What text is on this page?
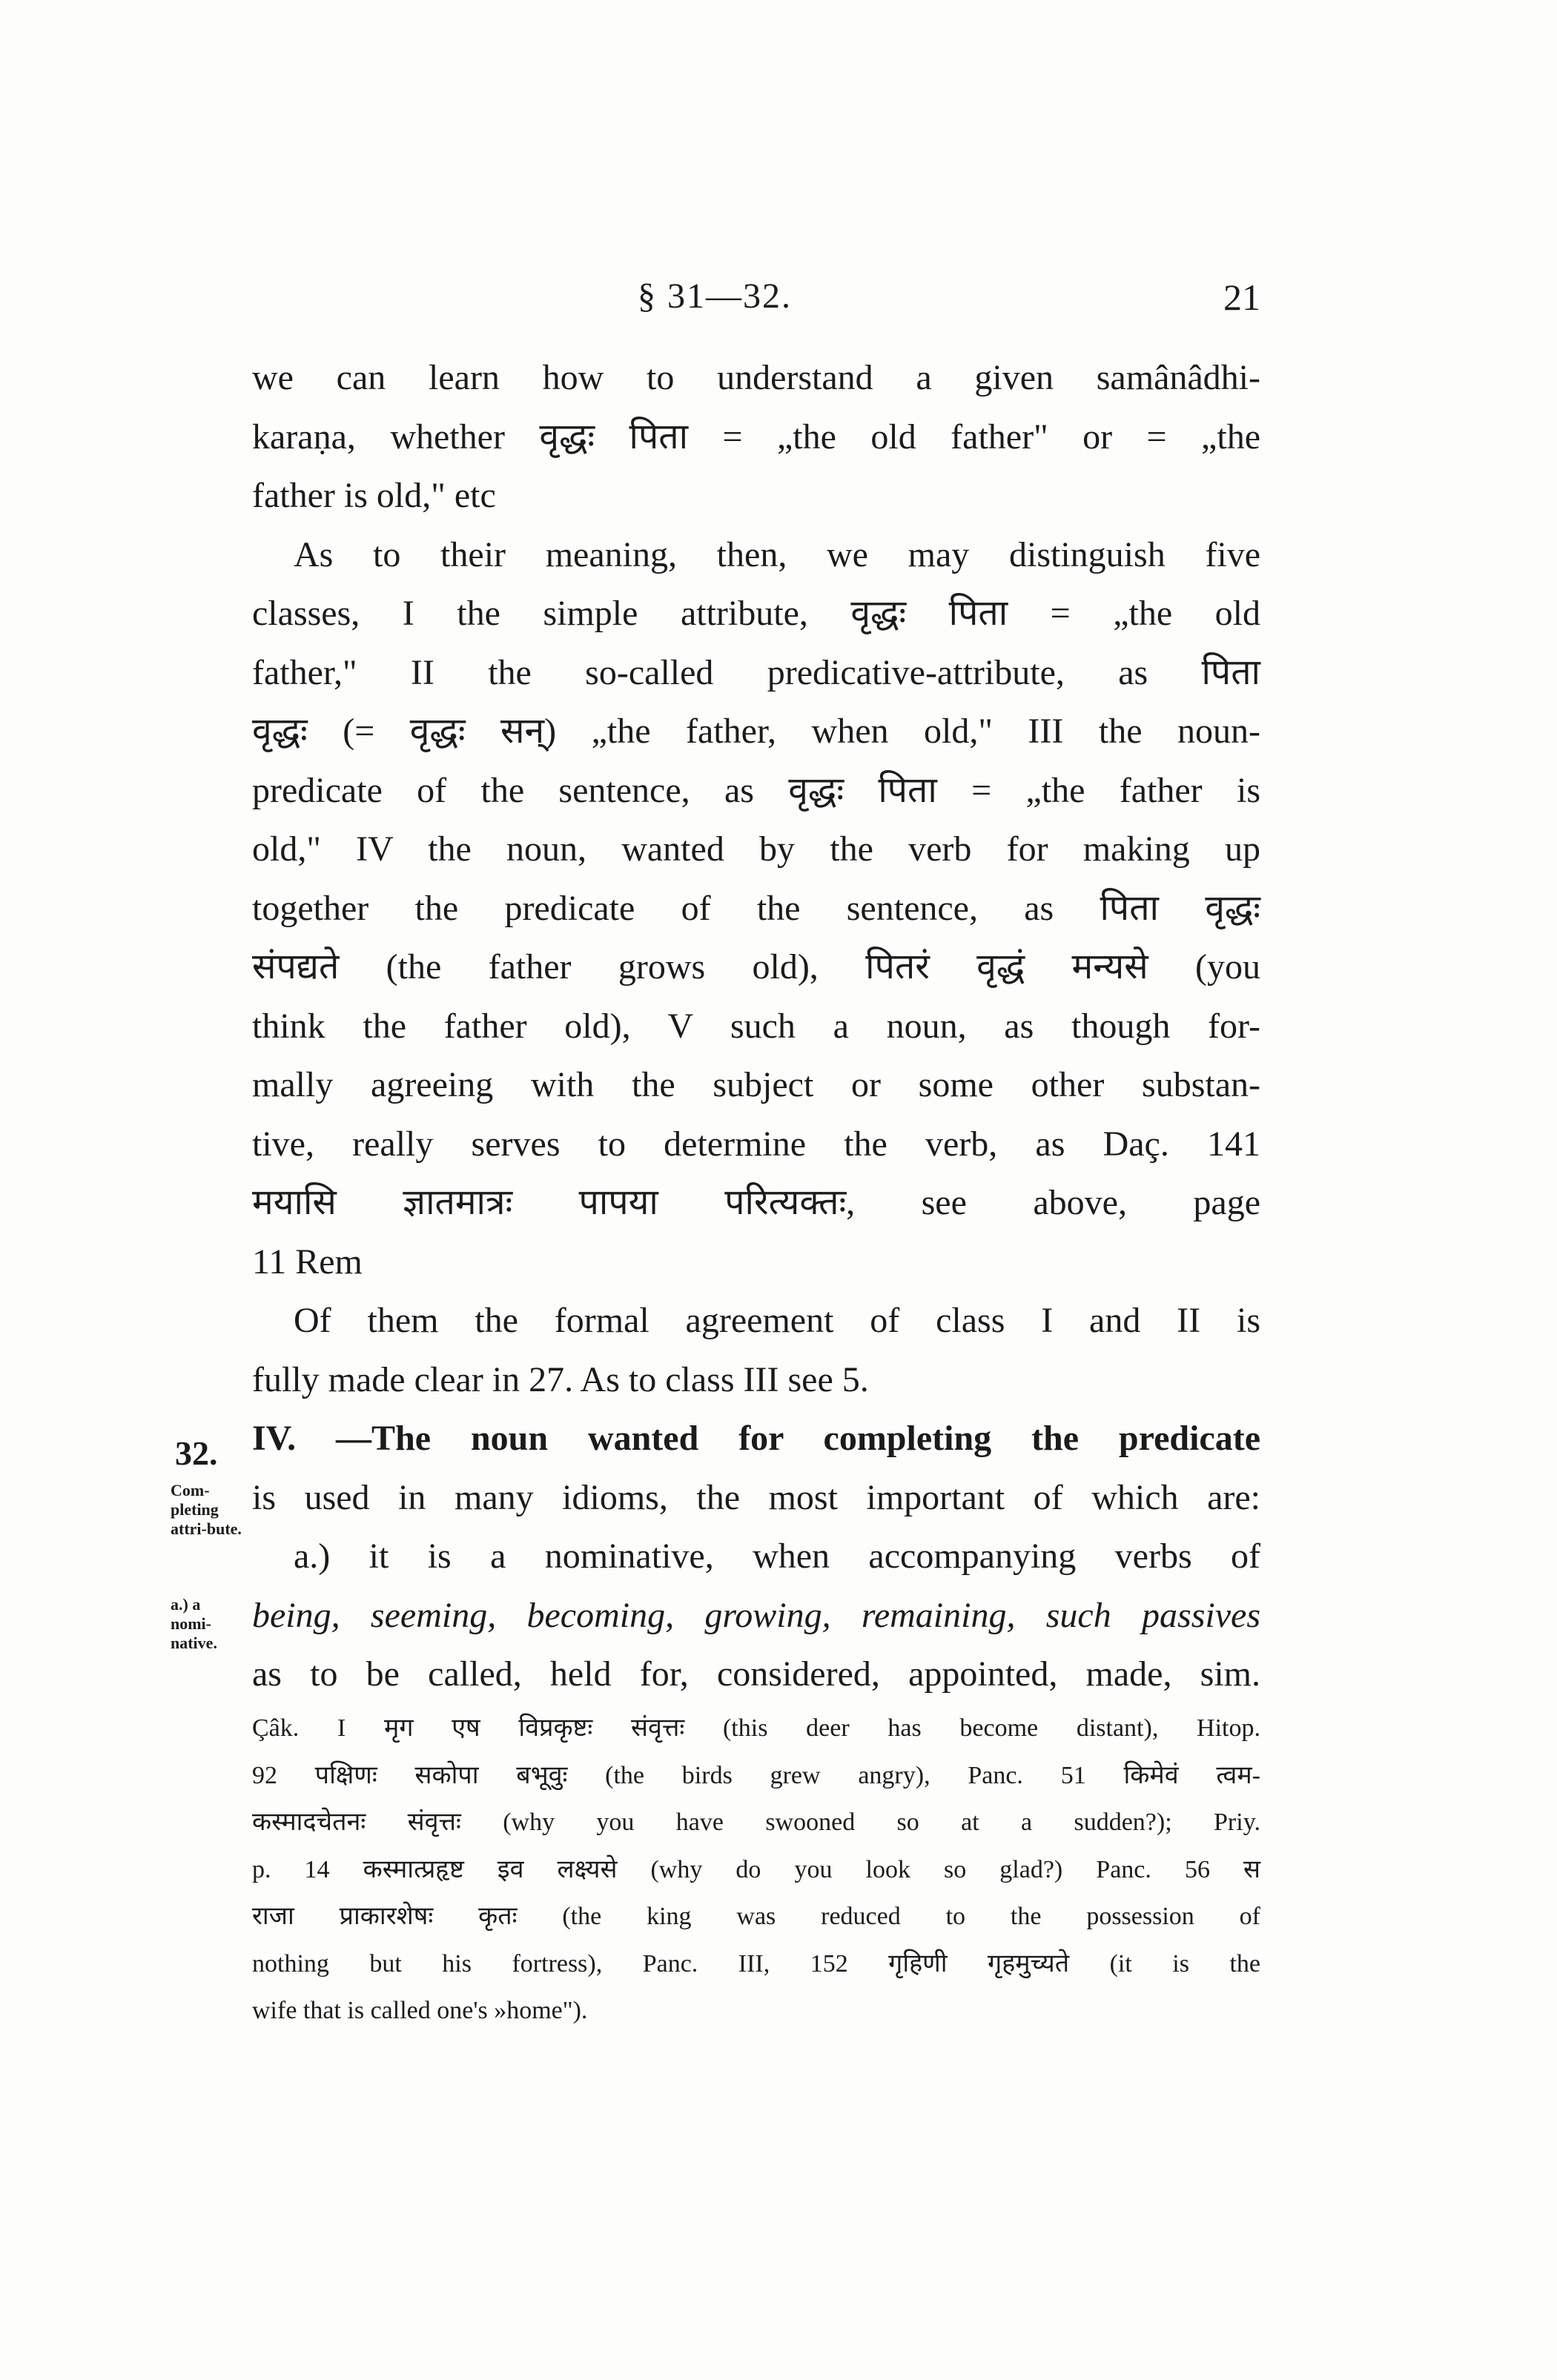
§ 31—32.	21
we can learn how to understand a given samânâdhi-
karaṇa, whether वृद्धः पिता = „the old father" or = „the
father is old," etc
As to their meaning, then, we may distinguish five
classes, I the simple attribute, वृद्धः पिता = „the old
father," II the so-called predicative-attribute, as पिता
वृद्धः (= वृद्धः सन्) „the father, when old," III the noun-
predicate of the sentence, as वृद्धः पिता = „the father is
old," IV the noun, wanted by the verb for making up
together the predicate of the sentence, as पिता वृद्धः
संपद्यते (the father grows old), पितरं वृद्धं मन्यसे (you
think the father old), V such a noun, as though for-
mally agreeing with the subject or some other substan-
tive, really serves to determine the verb, as Daç. 141
मयासि ज्ञातमात्रः पापया परित्यक्तः, see above, page
11 Rem
Of them the formal agreement of class I and II is
fully made clear in 27. As to class III see 5.
IV. —The noun wanted for completing the predicate
is used in many idioms, the most important of which are:
a.) it is a nominative, when accompanying verbs of
being, seeming, becoming, growing, remaining, such passives
as to be called, held for, considered, appointed, made, sim.
32.
Com-pleting attri-bute.
a.) a nomi-native.
Çâk. I मृग एष विप्रकृष्टः संवृत्तः (this deer has become distant), Hitop.
92 पक्षिणः सकोपा बभूवुः (the birds grew angry), Panc. 51 किमेवं त्वम-
कस्मादचेतनः संवृत्तः (why you have swooned so at a sudden?); Priy.
p. 14 कस्मात्प्रहृष्ट इव लक्ष्यसे (why do you look so glad?) Panc. 56 स
राजा प्राकारशेषः कृतः (the king was reduced to the possession of
nothing but his fortress), Panc. III, 152 गृहिणी गृहमुच्यते (it is the
wife that is called one's »home").
